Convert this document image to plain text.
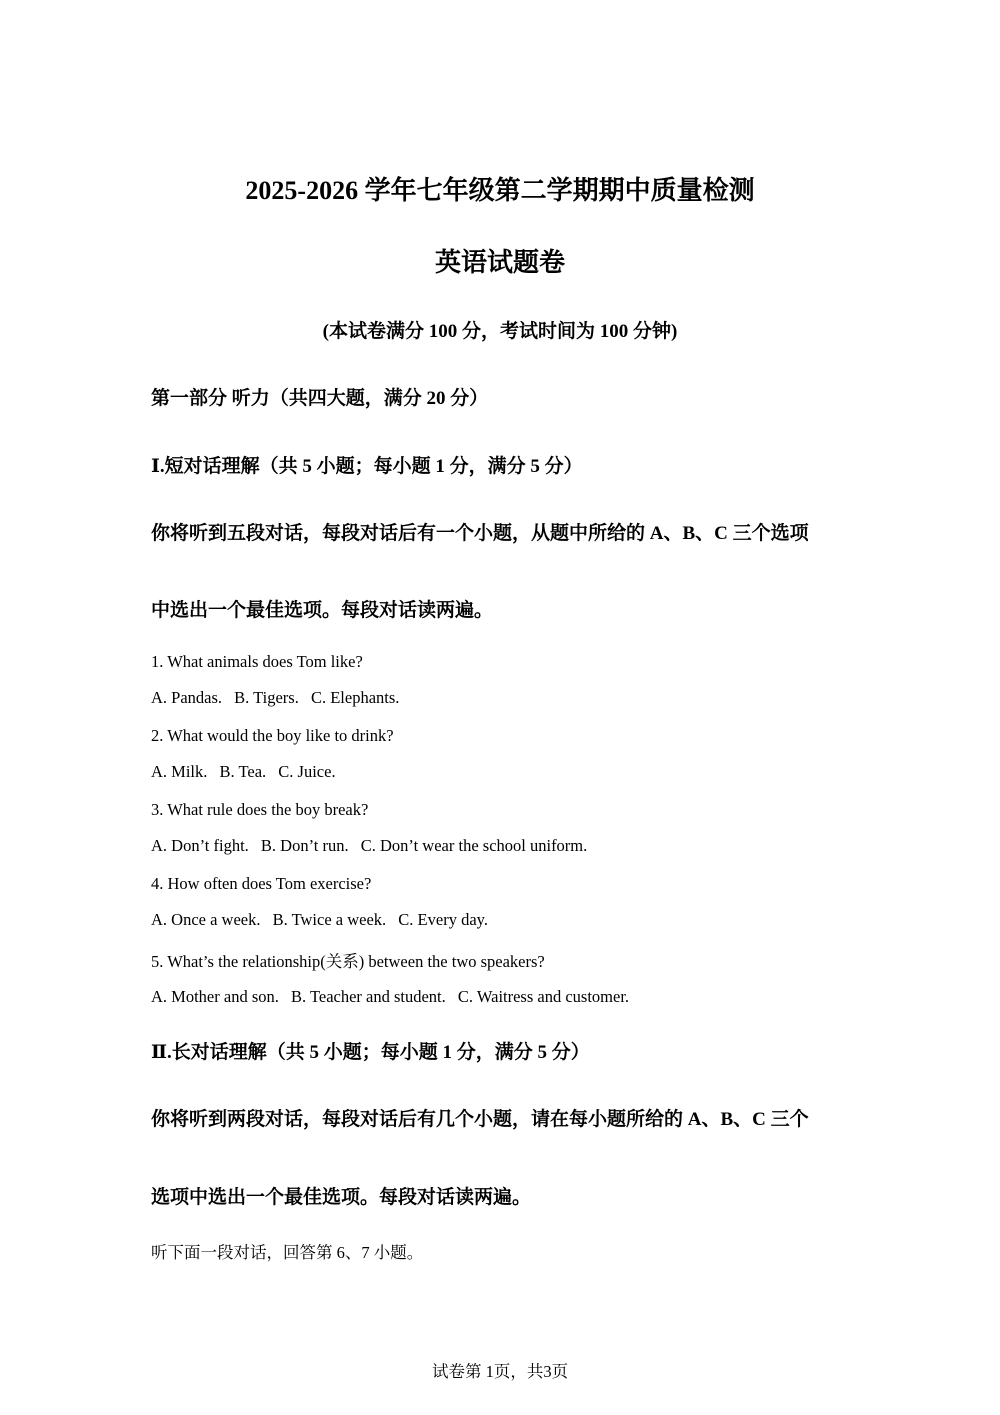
2025-2026 学年七年级第二学期期中质量检测
英语试题卷
(本试卷满分 100 分，考试时间为 100 分钟)
第一部分 听力（共四大题，满分 20 分）
Ⅰ.短对话理解（共 5 小题；每小题 1 分，满分 5 分）
你将听到五段对话，每段对话后有一个小题，从题中所给的 A、B、C 三个选项
中选出一个最佳选项。每段对话读两遍。
1. What animals does Tom like?
A. Pandas. B. Tigers. C. Elephants.
2. What would the boy like to drink?
A. Milk. B. Tea. C. Juice.
3. What rule does the boy break?
A. Don’t fight. B. Don’t run. C. Don’t wear the school uniform.
4. How often does Tom exercise?
A. Once a week. B. Twice a week. C. Every day.
5. What’s the relationship(关系) between the two speakers?
A. Mother and son. B. Teacher and student. C. Waitress and customer.
Ⅱ.长对话理解（共 5 小题；每小题 1 分，满分 5 分）
你将听到两段对话，每段对话后有几个小题，请在每小题所给的 A、B、C 三个
选项中选出一个最佳选项。每段对话读两遍。
听下面一段对话，回答第 6、7 小题。
试卷第 1页，共3页
